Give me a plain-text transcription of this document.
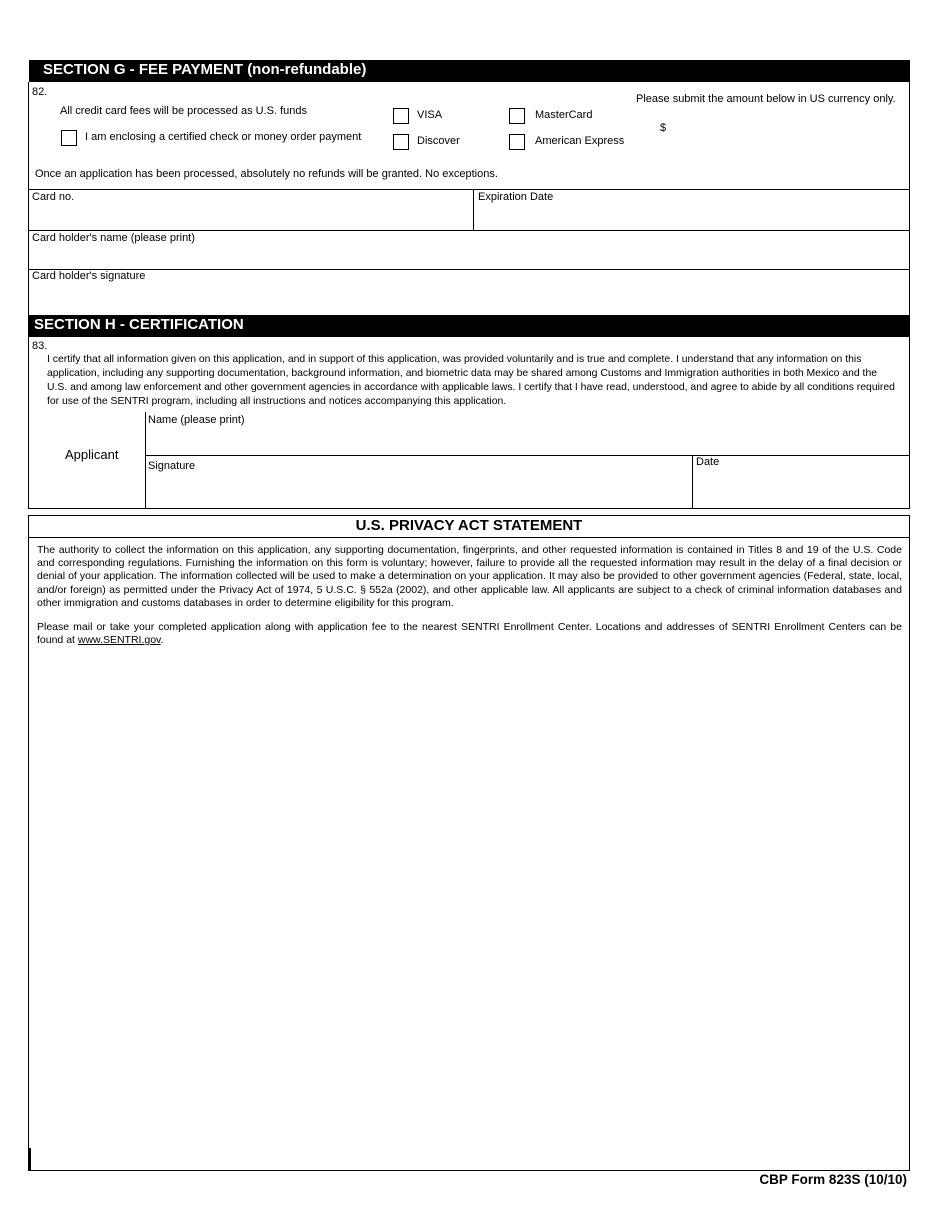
SECTION G - FEE PAYMENT (non-refundable)
82.
All credit card fees will be processed as U.S. funds
I am enclosing a certified check or money order payment
VISA
Discover
MasterCard
American Express
Please submit the amount below in US currency only.
$
Once an application has been processed, absolutely no refunds will be granted. No exceptions.
Card no.	Expiration Date
Card holder's name (please print)
Card holder's signature
SECTION H - CERTIFICATION
83.
I certify that all information given on this application, and in support of this application, was provided voluntarily and is true and complete. I understand that any information on this application, including any supporting documentation, background information, and biometric data may be shared among Customs and Immigration authorities in both Mexico and the U.S. and among law enforcement and other government agencies in accordance with applicable laws. I certify that I have read, understood, and agree to abide by all conditions required for use of the SENTRI program, including all instructions and notices accompanying this application.
Applicant
Name (please print)
Signature	Date
U.S. PRIVACY ACT STATEMENT
The authority to collect the information on this application, any supporting documentation, fingerprints, and other requested information is contained in Titles 8 and 19 of the U.S. Code and corresponding regulations. Furnishing the information on this form is voluntary; however, failure to provide all the requested information may result in the delay of a final decision or denial of your application. The information collected will be used to make a determination on your application. It may also be provided to other government agencies (Federal, state, local, and/or foreign) as permitted under the Privacy Act of 1974, 5 U.S.C. § 552a (2002), and other applicable law. All applicants are subject to a check of criminal information databases and other immigration and customs databases in order to determine eligibility for this program.
Please mail or take your completed application along with application fee to the nearest SENTRI Enrollment Center. Locations and addresses of SENTRI Enrollment Centers can be found at www.SENTRI.gov.
CBP Form 823S (10/10)
